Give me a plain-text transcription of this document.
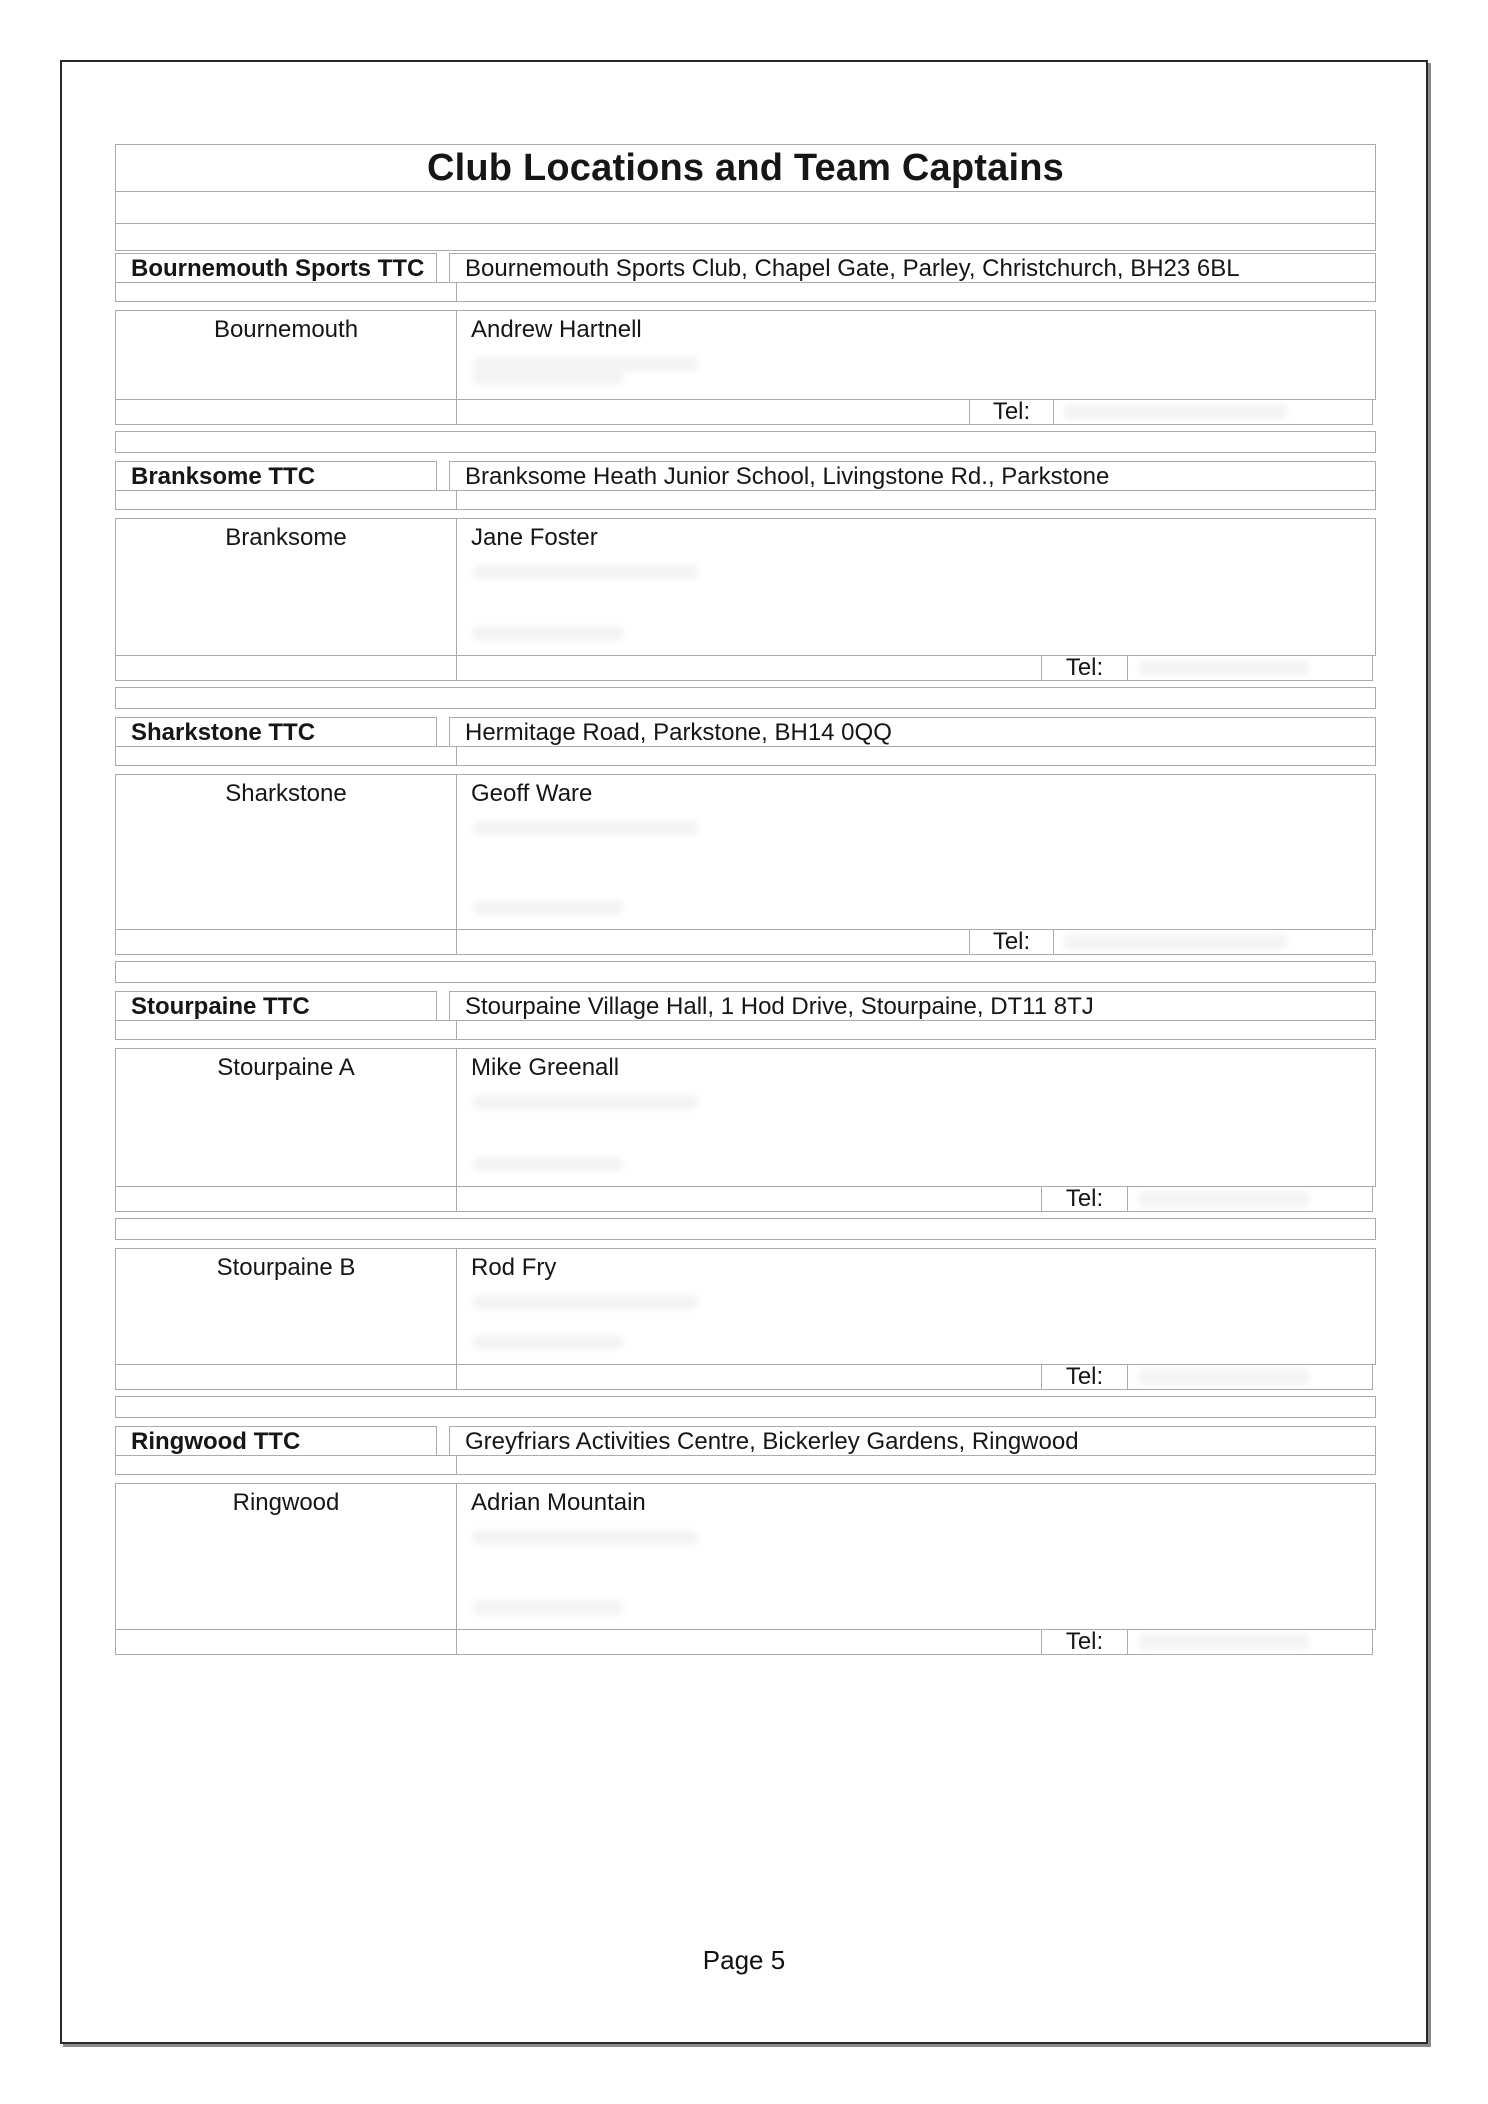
Club Locations and Team Captains
Bournemouth Sports TTC	Bournemouth Sports Club, Chapel Gate, Parley, Christchurch, BH23 6BL
Bournemouth	Andrew Hartnell
Tel:
Branksome TTC	Branksome Heath Junior School, Livingstone Rd., Parkstone
Branksome	Jane Foster
Tel:
Sharkstone TTC	Hermitage Road, Parkstone, BH14 0QQ
Sharkstone	Geoff Ware
Tel:
Stourpaine TTC	Stourpaine Village Hall, 1 Hod Drive, Stourpaine, DT11 8TJ
Stourpaine A	Mike Greenall
Tel:
Stourpaine B	Rod Fry
Tel:
Ringwood TTC	Greyfriars Activities Centre, Bickerley Gardens, Ringwood
Ringwood	Adrian Mountain
Tel:
Page 5
